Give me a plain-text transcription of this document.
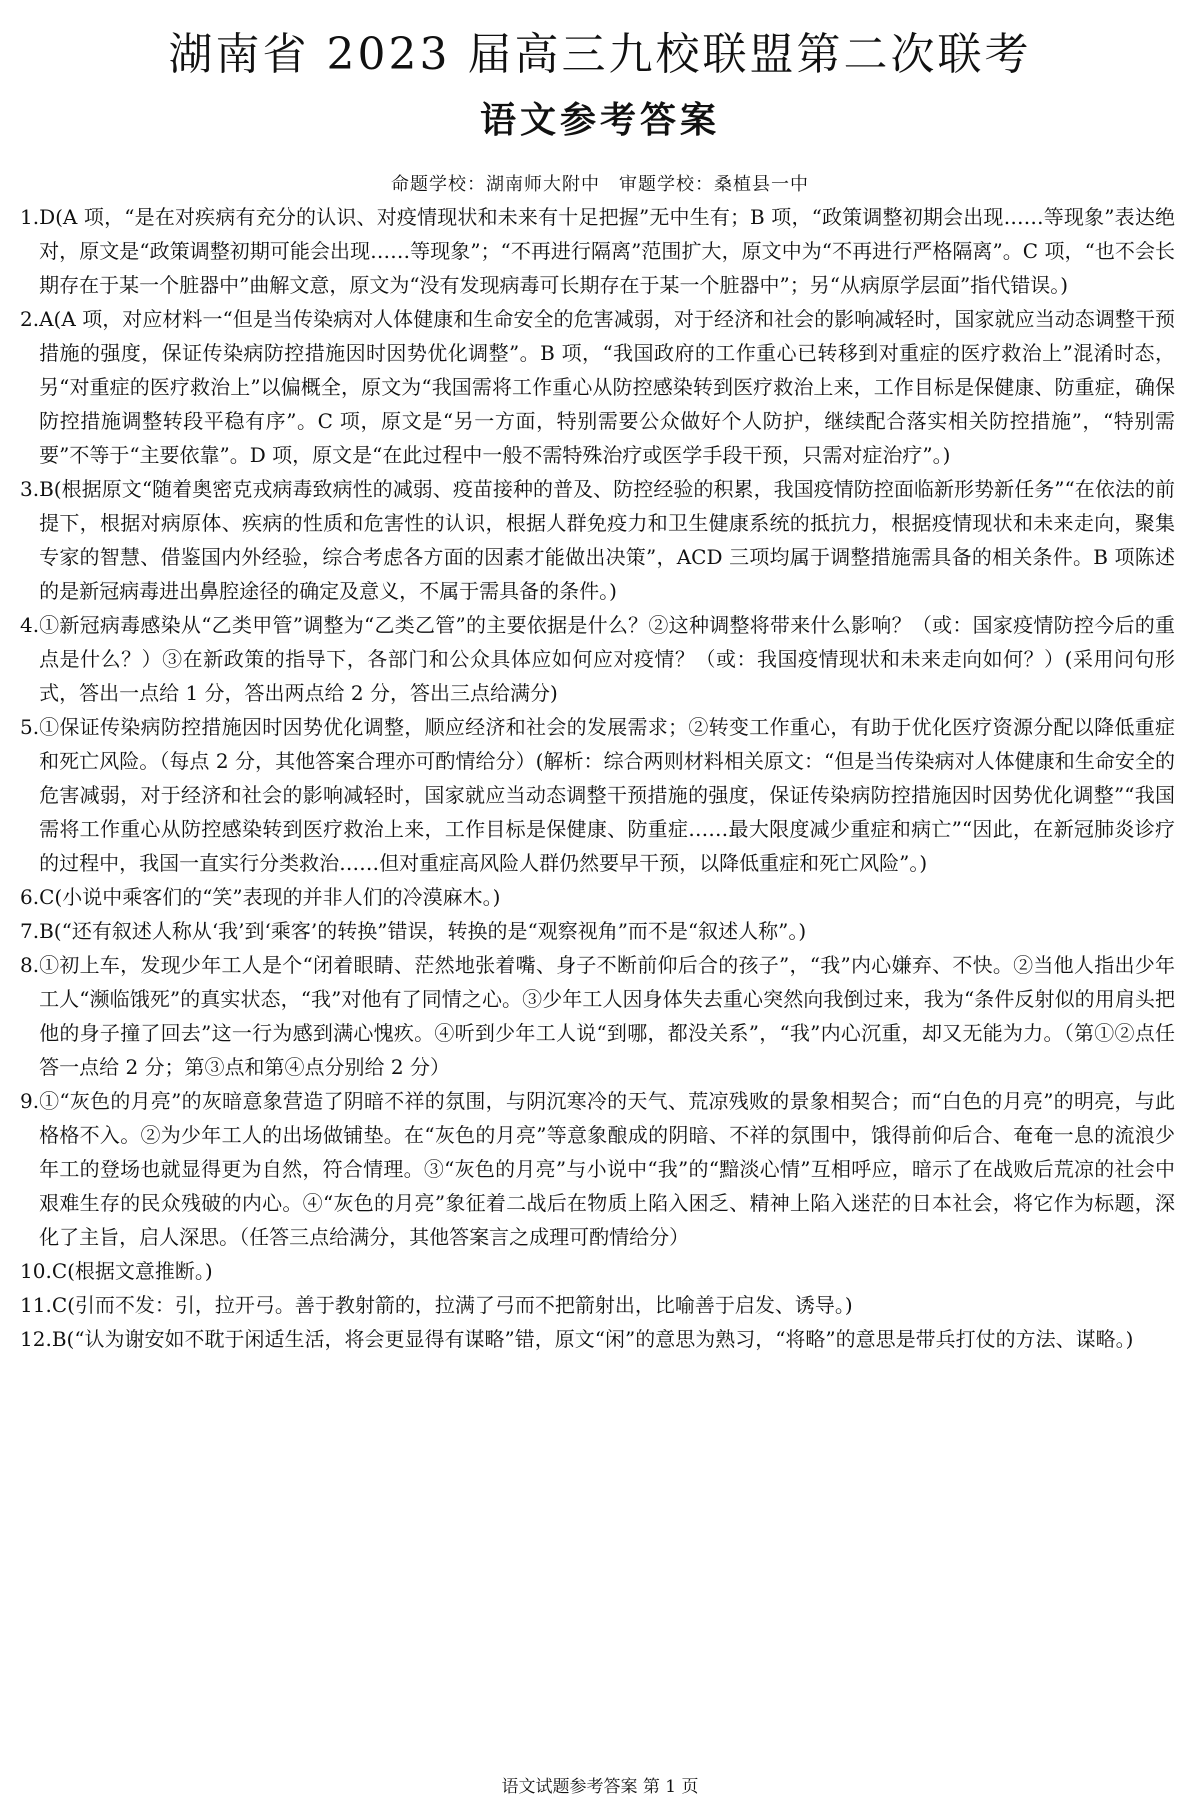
湖南省 2023 届高三九校联盟第二次联考
语文参考答案
命题学校：湖南师大附中　审题学校：桑植县一中
1. D(A 项，“是在对疾病有充分的认识、对疫情现状和未来有十足把握”无中生有；B 项，“政策调整初期会出现……等现象”表达绝对，原文是“政策调整初期可能会出现……等现象”；“不再进行隔离”范围扩大，原文中为“不再进行严格隔离”。C 项，“也不会长期存在于某一个脏器中”曲解文意，原文为“没有发现病毒可长期存在于某一个脏器中”；另“从病原学层面”指代错误。)
2. A(A 项，对应材料一“但是当传染病对人体健康和生命安全的危害减弱，对于经济和社会的影响减轻时，国家就应当动态调整干预措施的强度，保证传染病防控措施因时因势优化调整”。B 项，“我国政府的工作重心已转移到对重症的医疗救治上”混淆时态，另“对重症的医疗救治上”以偏概全，原文为“我国需将工作重心从防控感染转到医疗救治上来，工作目标是保健康、防重症，确保防控措施调整转段平稳有序”。C 项，原文是“另一方面，特别需要公众做好个人防护，继续配合落实相关防控措施”，“特别需要”不等于“主要依靠”。D 项，原文是“在此过程中一般不需特殊治疗或医学手段干预，只需对症治疗”。)
3. B(根据原文“随着奥密克戎病毒致病性的减弱、疫苗接种的普及、防控经验的积累，我国疫情防控面临新形势新任务”“在依法的前提下，根据对病原体、疾病的性质和危害性的认识，根据人群免疫力和卫生健康系统的抵抗力，根据疫情现状和未来走向，聚集专家的智慧、借鉴国内外经验，综合考虑各方面的因素才能做出决策”，ACD 三项均属于调整措施需具备的相关条件。B 项陈述的是新冠病毒进出鼻腔途径的确定及意义，不属于需具备的条件。)
4. ①新冠病毒感染从“乙类甲管”调整为“乙类乙管”的主要依据是什么？②这种调整将带来什么影响？（或：国家疫情防控今后的重点是什么？）③在新政策的指导下，各部门和公众具体应如何应对疫情？（或：我国疫情现状和未来走向如何？）(采用问句形式，答出一点给 1 分，答出两点给 2 分，答出三点给满分)
5. ①保证传染病防控措施因时因势优化调整，顺应经济和社会的发展需求；②转变工作重心，有助于优化医疗资源分配以降低重症和死亡风险。（每点 2 分，其他答案合理亦可酌情给分）(解析：综合两则材料相关原文：“但是当传染病对人体健康和生命安全的危害减弱，对于经济和社会的影响减轻时，国家就应当动态调整干预措施的强度，保证传染病防控措施因时因势优化调整”“我国需将工作重心从防控感染转到医疗救治上来，工作目标是保健康、防重症……最大限度减少重症和病亡”“因此，在新冠肺炎诊疗的过程中，我国一直实行分类救治……但对重症高风险人群仍然要早干预，以降低重症和死亡风险”。)
6. C(小说中乘客们的“笑”表现的并非人们的冷漠麻木。)
7. B(“还有叙述人称从‘我’到‘乘客’的转换”错误，转换的是“观察视角”而不是“叙述人称”。)
8. ①初上车，发现少年工人是个“闭着眼睛、茫然地张着嘴、身子不断前仰后合的孩子”，“我”内心嫌弃、不快。②当他人指出少年工人“濒临饿死”的真实状态，“我”对他有了同情之心。③少年工人因身体失去重心突然向我倒过来，我为“条件反射似的用肩头把他的身子撞了回去”这一行为感到满心愧疚。④听到少年工人说“到哪，都没关系”，“我”内心沉重，却又无能为力。（第①②点任答一点给 2 分；第③点和第④点分别给 2 分）
9. ①“灰色的月亮”的灰暗意象营造了阴暗不祥的氛围，与阴沉寒冷的天气、荒凉残败的景象相契合；而“白色的月亮”的明亮，与此格格不入。②为少年工人的出场做铺垫。在“灰色的月亮”等意象酿成的阴暗、不祥的氛围中，饿得前仰后合、奄奄一息的流浪少年工的登场也就显得更为自然，符合情理。③“灰色的月亮”与小说中“我”的“黯淡心情”互相呼应，暗示了在战败后荒凉的社会中艰难生存的民众残破的内心。④“灰色的月亮”象征着二战后在物质上陷入困乏、精神上陷入迷茫的日本社会，将它作为标题，深化了主旨，启人深思。（任答三点给满分，其他答案言之成理可酌情给分）
10. C(根据文意推断。)
11. C(引而不发：引，拉开弓。善于教射箭的，拉满了弓而不把箭射出，比喻善于启发、诱导。)
12. B(“认为谢安如不耽于闲适生活，将会更显得有谋略”错，原文“闲”的意思为熟习，“将略”的意思是带兵打仗的方法、谋略。)
语文试题参考答案 第 1 页
